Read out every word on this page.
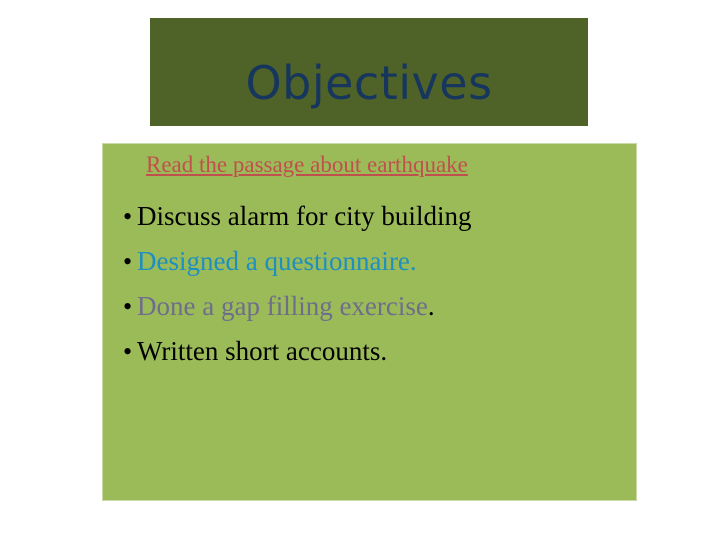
Objectives
Read the passage about earthquake
• Discuss alarm for city building
• Designed a questionnaire.
• Done a gap filling exercise.
• Written short accounts.
